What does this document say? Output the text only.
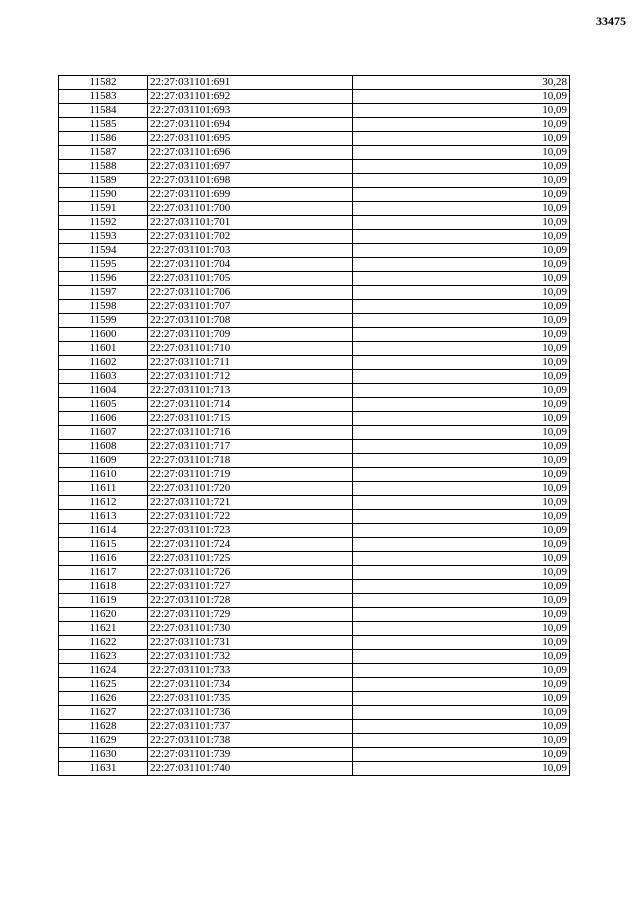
33475
11582	22:27:031101:691	30,28
11583	22:27:031101:692	10,09
11584	22:27:031101:693	10,09
11585	22:27:031101:694	10,09
11586	22:27:031101:695	10,09
11587	22:27:031101:696	10,09
11588	22:27:031101:697	10,09
11589	22:27:031101:698	10,09
11590	22:27:031101:699	10,09
11591	22:27:031101:700	10,09
11592	22:27:031101:701	10,09
11593	22:27:031101:702	10,09
11594	22:27:031101:703	10,09
11595	22:27:031101:704	10,09
11596	22:27:031101:705	10,09
11597	22:27:031101:706	10,09
11598	22:27:031101:707	10,09
11599	22:27:031101:708	10,09
11600	22:27:031101:709	10,09
11601	22:27:031101:710	10,09
11602	22:27:031101:711	10,09
11603	22:27:031101:712	10,09
11604	22:27:031101:713	10,09
11605	22:27:031101:714	10,09
11606	22:27:031101:715	10,09
11607	22:27:031101:716	10,09
11608	22:27:031101:717	10,09
11609	22:27:031101:718	10,09
11610	22:27:031101:719	10,09
11611	22:27:031101:720	10,09
11612	22:27:031101:721	10,09
11613	22:27:031101:722	10,09
11614	22:27:031101:723	10,09
11615	22:27:031101:724	10,09
11616	22:27:031101:725	10,09
11617	22:27:031101:726	10,09
11618	22:27:031101:727	10,09
11619	22:27:031101:728	10,09
11620	22:27:031101:729	10,09
11621	22:27:031101:730	10,09
11622	22:27:031101:731	10,09
11623	22:27:031101:732	10,09
11624	22:27:031101:733	10,09
11625	22:27:031101:734	10,09
11626	22:27:031101:735	10,09
11627	22:27:031101:736	10,09
11628	22:27:031101:737	10,09
11629	22:27:031101:738	10,09
11630	22:27:031101:739	10,09
11631	22:27:031101:740	10,09
